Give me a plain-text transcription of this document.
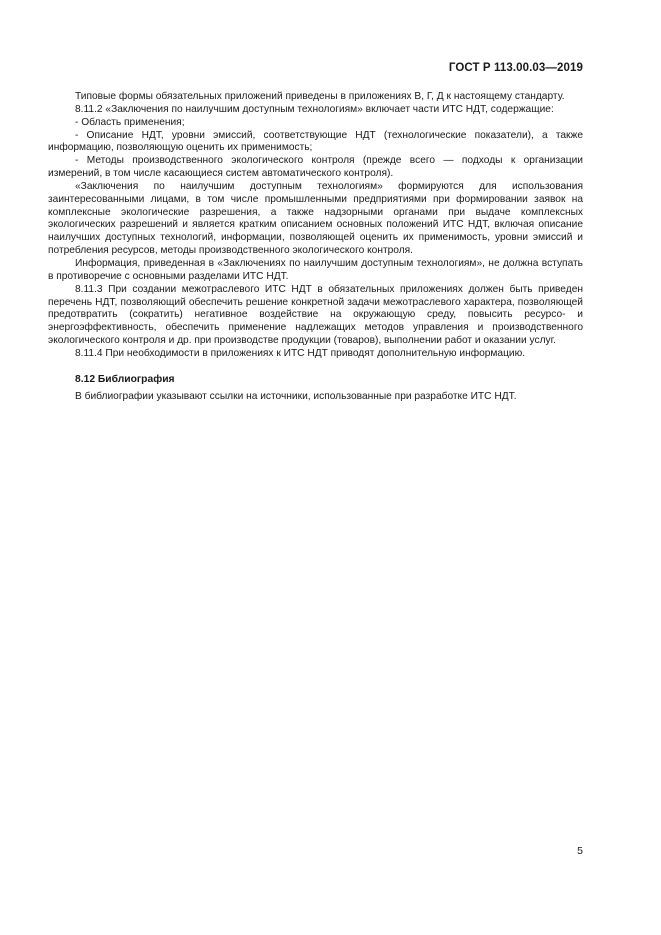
ГОСТ Р 113.00.03—2019

Типовые формы обязательных приложений приведены в приложениях В, Г, Д к настоящему стандарту.

8.11.2 «Заключения по наилучшим доступным технологиям» включает части ИТС НДТ, содержащие:

- Область применения;

- Описание НДТ, уровни эмиссий, соответствующие НДТ (технологические показатели), а также информацию, позволяющую оценить их применимость;

- Методы производственного экологического контроля (прежде всего — подходы к организации измерений, в том числе касающиеся систем автоматического контроля).

«Заключения по наилучшим доступным технологиям» формируются для использования заинтересованными лицами, в том числе промышленными предприятиями при формировании заявок на комплексные экологические разрешения, а также надзорными органами при выдаче комплексных экологических разрешений и является кратким описанием основных положений ИТС НДТ, включая описание наилучших доступных технологий, информации, позволяющей оценить их применимость, уровни эмиссий и потребления ресурсов, методы производственного экологического контроля.

Информация, приведенная в «Заключениях по наилучшим доступным технологиям», не должна вступать в противоречие с основными разделами ИТС НДТ.

8.11.3 При создании межотраслевого ИТС НДТ в обязательных приложениях должен быть приведен перечень НДТ, позволяющий обеспечить решение конкретной задачи межотраслевого характера, позволяющей предотвратить (сократить) негативное воздействие на окружающую среду, повысить ресурсо- и энергоэффективность, обеспечить применение надлежащих методов управления и производственного экологического контроля и др. при производстве продукции (товаров), выполнении работ и оказании услуг.

8.11.4 При необходимости в приложениях к ИТС НДТ приводят дополнительную информацию.

8.12 Библиография

В библиографии указывают ссылки на источники, использованные при разработке ИТС НДТ.

5
